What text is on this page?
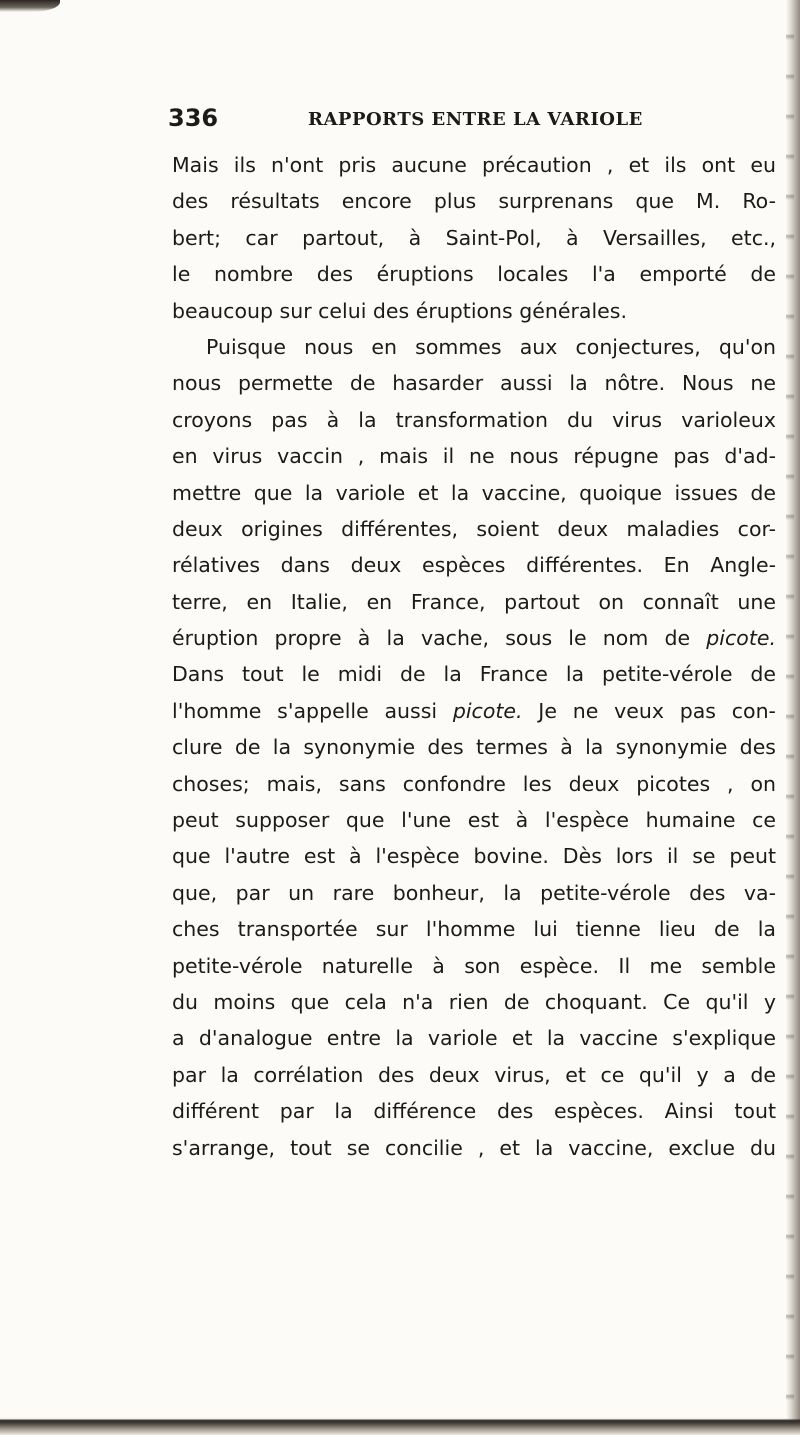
336	RAPPORTS ENTRE LA VARIOLE
Mais ils n'ont pris aucune précaution , et ils ont eu
des résultats encore plus surprenans que M. Ro-
bert; car partout, à Saint-Pol, à Versailles, etc.,
le nombre des éruptions locales l'a emporté de
beaucoup sur celui des éruptions générales.
Puisque nous en sommes aux conjectures, qu'on
nous permette de hasarder aussi la nôtre. Nous ne
croyons pas à la transformation du virus varioleux
en virus vaccin , mais il ne nous répugne pas d'ad-
mettre que la variole et la vaccine, quoique issues de
deux origines différentes, soient deux maladies cor-
rélatives dans deux espèces différentes. En Angle-
terre, en Italie, en France, partout on connaît une
éruption propre à la vache, sous le nom de picote.
Dans tout le midi de la France la petite-vérole de
l'homme s'appelle aussi picote. Je ne veux pas con-
clure de la synonymie des termes à la synonymie des
choses; mais, sans confondre les deux picotes , on
peut supposer que l'une est à l'espèce humaine ce
que l'autre est à l'espèce bovine. Dès lors il se peut
que, par un rare bonheur, la petite-vérole des va-
ches transportée sur l'homme lui tienne lieu de la
petite-vérole naturelle à son espèce. Il me semble
du moins que cela n'a rien de choquant. Ce qu'il y
a d'analogue entre la variole et la vaccine s'explique
par la corrélation des deux virus, et ce qu'il y a de
différent par la différence des espèces. Ainsi tout
s'arrange, tout se concilie , et la vaccine, exclue du
